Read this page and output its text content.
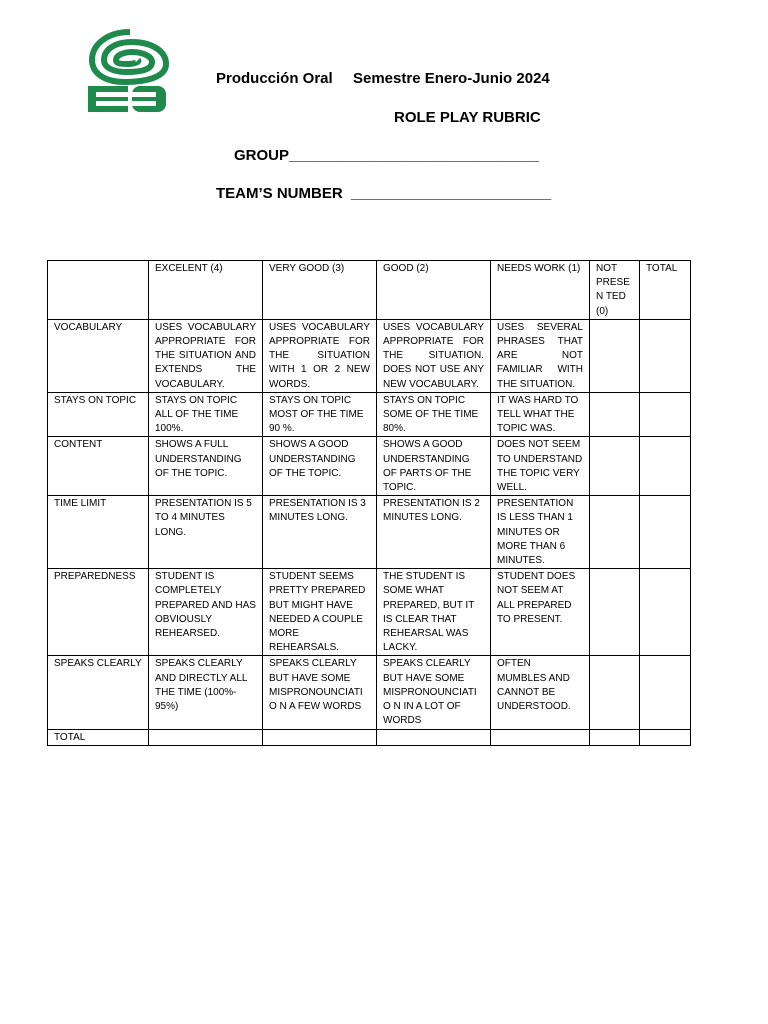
Producción Oral Semestre Enero-Junio 2024
ROLE PLAY RUBRIC
GROUP______________________________
TEAM’S NUMBER  ________________________
	EXCELENT (4)	VERY GOOD (3)	GOOD (2)	NEEDS WORK (1)	NOT PRESEN TED (0)	TOTAL
VOCABULARY	USES VOCABULARY APPROPRIATE FOR THE SITUATION AND EXTENDS THE VOCABULARY.	USES VOCABULARY APPROPRIATE FOR THE SITUATION WITH 1 OR 2 NEW WORDS.	USES VOCABULARY APPROPRIATE FOR THE SITUATION. DOES NOT USE ANY NEW VOCABULARY.	USES SEVERAL PHRASES THAT ARE NOT FAMILIAR WITH THE SITUATION.		
STAYS ON TOPIC	STAYS ON TOPIC ALL OF THE TIME 100%.	STAYS ON TOPIC MOST OF THE TIME 90 %.	STAYS ON TOPIC SOME OF THE TIME 80%.	IT WAS HARD TO TELL WHAT THE TOPIC WAS.		
CONTENT	SHOWS A FULL UNDERSTANDING OF THE TOPIC.	SHOWS A GOOD UNDERSTANDING OF THE TOPIC.	SHOWS A GOOD UNDERSTANDING OF PARTS OF THE TOPIC.	DOES NOT SEEM TO UNDERSTAND THE TOPIC VERY WELL.		
TIME LIMIT	PRESENTATION IS 5 TO 4 MINUTES LONG.	PRESENTATION IS 3 MINUTES LONG.	PRESENTATION IS 2 MINUTES LONG.	PRESENTATION IS LESS THAN 1 MINUTES OR MORE THAN 6 MINUTES.		
PREPAREDNESS	STUDENT IS COMPLETELY PREPARED AND HAS OBVIOUSLY REHEARSED.	STUDENT SEEMS PRETTY PREPARED BUT MIGHT HAVE NEEDED A COUPLE MORE REHEARSALS.	THE STUDENT IS SOME WHAT PREPARED, BUT IT IS CLEAR THAT REHEARSAL WAS LACKY.	STUDENT DOES NOT SEEM AT ALL PREPARED TO PRESENT.		
SPEAKS CLEARLY	SPEAKS CLEARLY AND DIRECTLY ALL THE TIME (100%- 95%)	SPEAKS CLEARLY BUT HAVE SOME MISPRONOUNCIATIO N A FEW WORDS	SPEAKS CLEARLY BUT HAVE SOME MISPRONOUNCIATIO N IN A LOT OF WORDS	OFTEN MUMBLES AND CANNOT BE UNDERSTOOD.		
TOTAL						
